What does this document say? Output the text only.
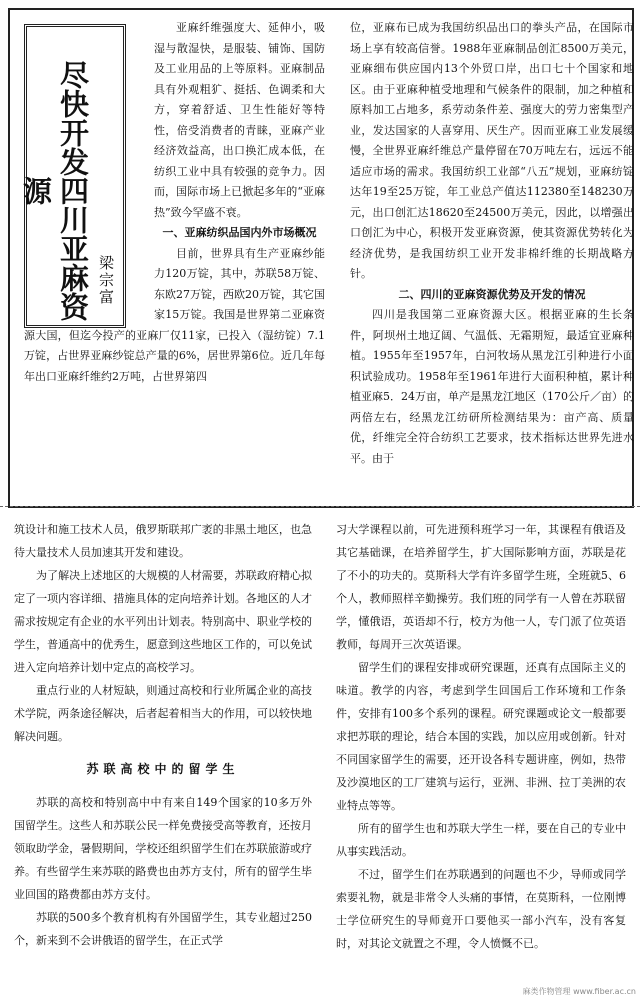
尽快开发四川亚麻资源
梁宗富

亚麻纤维强度大、延伸小，吸湿与散湿快，是服装、铺饰、国防及工业用品的上等原料。亚麻制品具有外观粗犷、挺括、色调柔和大方，穿着舒适、卫生性能好等特性，倍受消费者的青睐，亚麻产业经济效益高，出口换汇成本低，在纺织工业中具有较强的竞争力。因而，国际市场上已掀起多年的“亚麻热”致今罕盛不衰。

一、亚麻纺织品国内外市场概况

目前，世界具有生产亚麻纱能力120万锭，其中，苏联58万锭、东欧27万锭，西欧20万锭，其它国家15万锭。我国是世界第二亚麻资源大国，但迄今投产的亚麻厂仅11家，已投入（湿纺锭）7.1万锭，占世界亚麻纱锭总产量的6%，居世界第6位。近几年每年出口亚麻纤维约2万吨，占世界第四

位，亚麻布已成为我国纺织品出口的拳头产品，在国际市场上享有较高信誉。1988年亚麻制品创汇8500万美元，亚麻细布供应国内13个外贸口岸，出口七十个国家和地区。由于亚麻种植受地理和气候条件的限制，加之种植和原料加工占地多，系劳动条件差、强度大的劳力密集型产业，发达国家的人喜穿用、厌生产。因而亚麻工业发展缓慢，全世界亚麻纤维总产量停留在70万吨左右，远远不能适应市场的需求。我国纺织工业部“八五”规划，亚麻纺锭达年19至25万锭，年工业总产值达112380至148230万元，出口创汇达18620至24500万美元，因此，以增强出口创汇为中心，积极开发亚麻资源，使其资源优势转化为经济优势，是我国纺织工业开发非棉纤维的长期战略方针。

二、四川的亚麻资源优势及开发的情况

四川是我国第二亚麻资源大区。根据亚麻的生长条件，阿坝州土地辽阔、气温低、无霜期短，最适宜亚麻种植。1955年至1957年，白河牧场从黑龙江引种进行小面积试验成功。1958年至1961年进行大面积种植，累计种植亚麻5．24万亩，单产是黑龙江地区（170公斤／亩）的两倍左右，经黑龙江纺研所检测结果为：亩产高、质量优，纤维完全符合纺织工艺要求，技术指标达世界先进水平。由于

筑设计和施工技术人员，俄罗斯联邦广袤的非黑土地区，也急待大量技术人员加速其开发和建设。

为了解决上述地区的大规模的人材需要，苏联政府精心拟定了一项内容详细、措施具体的定向培养计划。各地区的人才需求按规定有企业的水平列出计划表。特别高中、职业学校的学生，普通高中的优秀生，愿意到这些地区工作的，可以免试进入定向培养计划中定点的高校学习。

重点行业的人材短缺，则通过高校和行业所属企业的高技术学院，两条途径解决，后者起着相当大的作用，可以较快地解决问题。

苏联高校中的留学生

苏联的高校和特别高中中有来自149个国家的10多万外国留学生。这些人和苏联公民一样免费接受高等教育，还按月领取助学金，暑假期间，学校还组织留学生们在苏联旅游或疗养。有些留学生来苏联的路费也由苏方支付，所有的留学生毕业回国的路费都由苏方支付。

苏联的500多个教育机构有外国留学生，其专业超过250个，新来到不会讲俄语的留学生，在正式学

习大学课程以前，可先进预科班学习一年，其课程有俄语及其它基础课，在培养留学生，扩大国际影响方面，苏联是花了不小的功夫的。莫斯科大学有许多留学生班，全班就5、6个人，教师照样辛勤操劳。我们班的同学有一人曾在苏联留学，懂俄语，英语却不行，校方为他一人，专门派了位英语教师，每周开三次英语课。

留学生们的课程安排或研究课题，还真有点国际主义的味道。教学的内容，考虑到学生回国后工作环境和工作条件，安排有100多个系列的课程。研究课题或论文一般都要求把苏联的理论，结合本国的实践，加以应用或创新。针对不同国家留学生的需要，还开设各科专题讲座，例如，热带及沙漠地区的工厂建筑与运行，亚洲、非洲、拉丁美洲的农业特点等等。

所有的留学生也和苏联大学生一样，要在自己的专业中从事实践活动。

不过，留学生们在苏联遇到的问题也不少，导师或同学索要礼物，就是非常令人头痛的事情，在莫斯科，一位刚博士学位研究生的导师竟开口要他买一部小汽车，没有客复时，对其论文就置之不理，令人愤慨不已。

麻类作物管理 www.fiber.ac.cn
